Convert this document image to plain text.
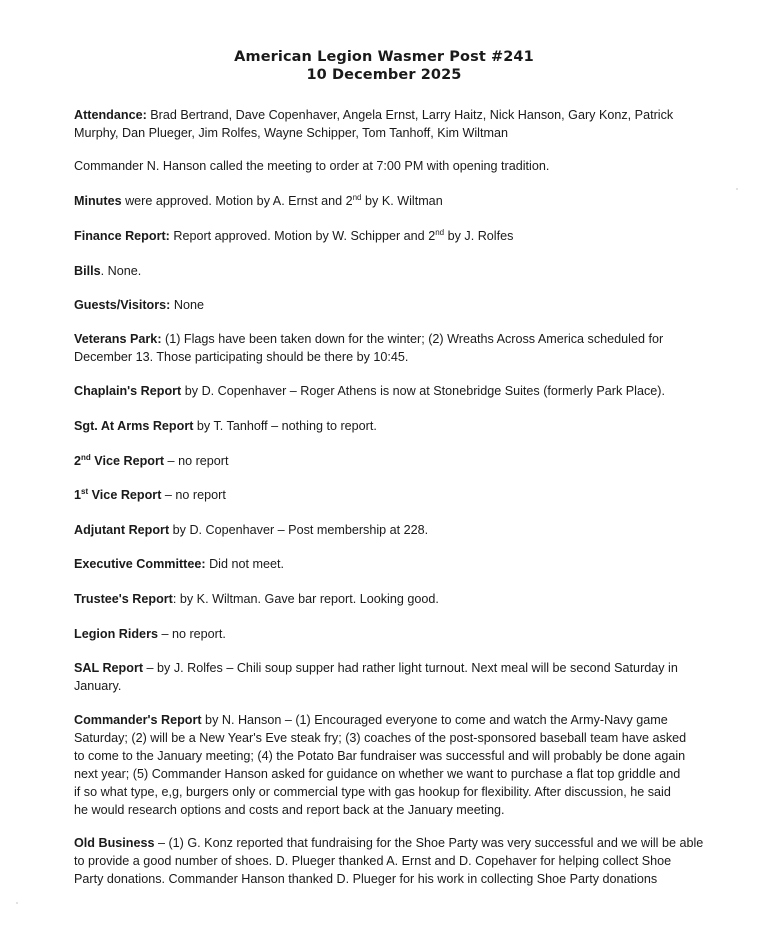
American Legion Wasmer Post #241
10 December 2025
Attendance: Brad Bertrand, Dave Copenhaver, Angela Ernst, Larry Haitz, Nick Hanson, Gary Konz, Patrick
Murphy, Dan Plueger, Jim Rolfes, Wayne Schipper, Tom Tanhoff, Kim Wiltman
Commander N. Hanson called the meeting to order at 7:00 PM with opening tradition.
Minutes were approved. Motion by A. Ernst and 2nd by K. Wiltman
Finance Report: Report approved. Motion by W. Schipper and 2nd by J. Rolfes
Bills. None.
Guests/Visitors: None
Veterans Park: (1) Flags have been taken down for the winter; (2) Wreaths Across America scheduled for
December 13. Those participating should be there by 10:45.
Chaplain's Report by D. Copenhaver – Roger Athens is now at Stonebridge Suites (formerly Park Place).
Sgt. At Arms Report by T. Tanhoff – nothing to report.
2nd Vice Report – no report
1st Vice Report – no report
Adjutant Report by D. Copenhaver – Post membership at 228.
Executive Committee: Did not meet.
Trustee's Report: by K. Wiltman. Gave bar report. Looking good.
Legion Riders – no report.
SAL Report – by J. Rolfes – Chili soup supper had rather light turnout. Next meal will be second Saturday in
January.
Commander's Report by N. Hanson – (1) Encouraged everyone to come and watch the Army-Navy game
Saturday; (2) will be a New Year's Eve steak fry; (3) coaches of the post-sponsored baseball team have asked
to come to the January meeting; (4) the Potato Bar fundraiser was successful and will probably be done again
next year; (5) Commander Hanson asked for guidance on whether we want to purchase a flat top griddle and
if so what type, e,g, burgers only or commercial type with gas hookup for flexibility. After discussion, he said
he would research options and costs and report back at the January meeting.
Old Business – (1) G. Konz reported that fundraising for the Shoe Party was very successful and we will be able
to provide a good number of shoes. D. Plueger thanked A. Ernst and D. Copehaver for helping collect Shoe
Party donations. Commander Hanson thanked D. Plueger for his work in collecting Shoe Party donations
